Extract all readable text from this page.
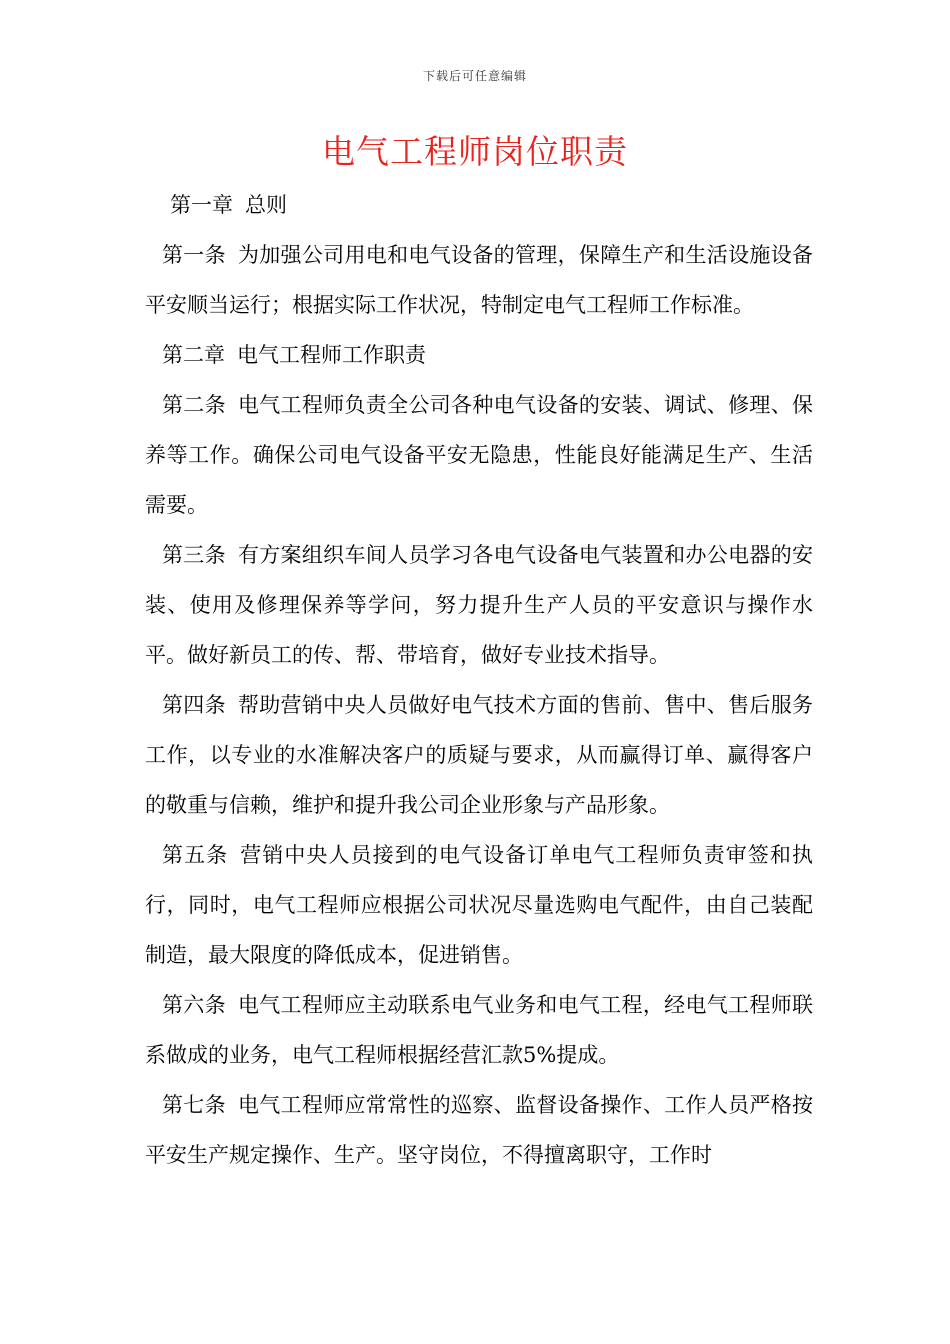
下载后可任意编辑
电气工程师岗位职责

第一章 总则

第一条 为加强公司用电和电气设备的管理，保障生产和生活设施设备平安顺当运行；根据实际工作状况，特制定电气工程师工作标准。

第二章 电气工程师工作职责

第二条 电气工程师负责全公司各种电气设备的安装、调试、修理、保养等工作。确保公司电气设备平安无隐患，性能良好能满足生产、生活需要。

第三条 有方案组织车间人员学习各电气设备电气装置和办公电器的安装、使用及修理保养等学问，努力提升生产人员的平安意识与操作水平。做好新员工的传、帮、带培育，做好专业技术指导。

第四条 帮助营销中央人员做好电气技术方面的售前、售中、售后服务工作，以专业的水准解决客户的质疑与要求，从而赢得订单、赢得客户的敬重与信赖，维护和提升我公司企业形象与产品形象。

第五条 营销中央人员接到的电气设备订单电气工程师负责审签和执行，同时，电气工程师应根据公司状况尽量选购电气配件，由自己装配制造，最大限度的降低成本，促进销售。

第六条 电气工程师应主动联系电气业务和电气工程，经电气工程师联系做成的业务，电气工程师根据经营汇款5%提成。

第七条 电气工程师应常常性的巡察、监督设备操作、工作人员严格按平安生产规定操作、生产。坚守岗位，不得擅离职守，工作时
